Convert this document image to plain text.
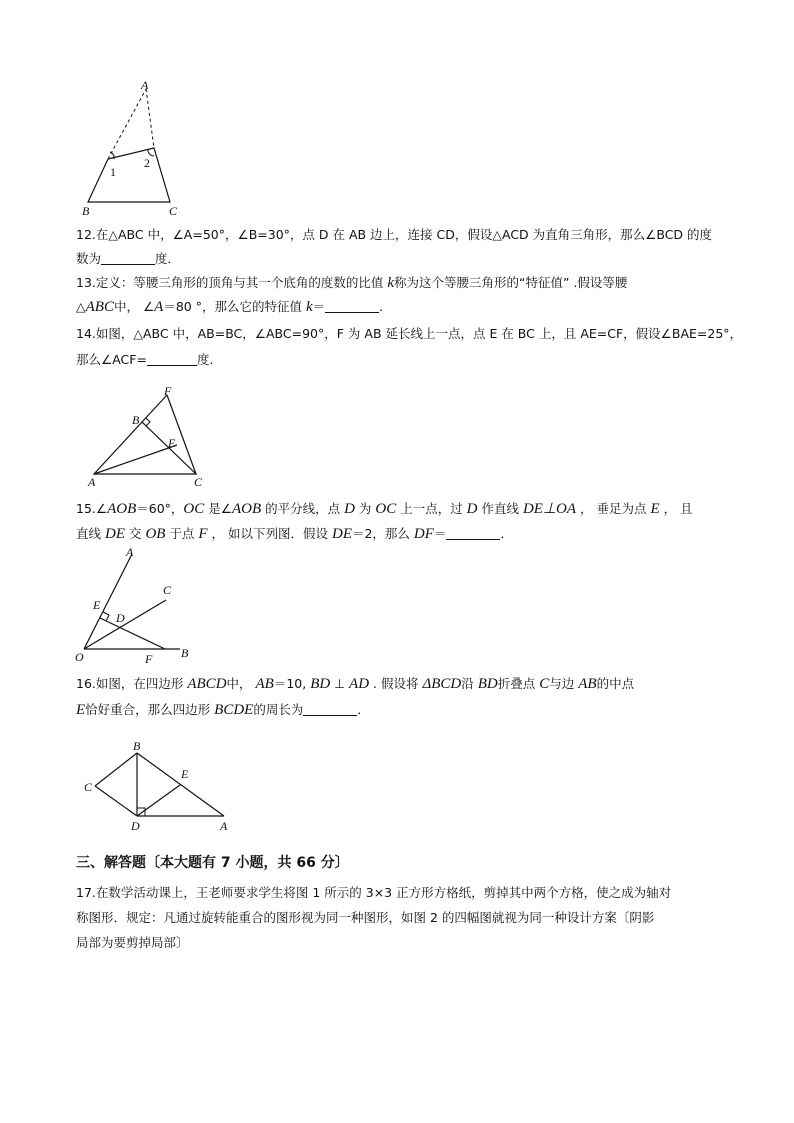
A
B	C
1
2
12.在△ABC 中，∠A=50°，∠B=30°，点 D 在 AB 边上，连接 CD，假设△ACD 为直角三角形，那么∠BCD 的度
数为	度．
13.定义：等腰三角形的顶角与其一个底角的度数的比值 k称为这个等腰三角形的“特征值” .假设等腰
△ABC中， ∠A＝80 °，那么它的特征值 k＝	.
14.如图，△ABC 中，AB=BC，∠ABC=90°，F 为 AB 延长线上一点，点 E 在 BC 上，且 AE=CF，假设∠BAE=25°，
那么∠ACF=	度.
A
B
C
E
F
15.∠AOB＝60°，OC 是∠AOB 的平分线，点 D 为 OC 上一点，过 D 作直线 DE⊥OA ， 垂足为点 E ， 且
直线 DE 交 OB 于点 F ， 如以下列图．假设 DE＝2，那么 DF＝	．
A
B
C
D
E
F
O
16.如图，在四边形 ABCD中， AB＝10, BD ⊥ AD . 假设将 ΔBCD沿 BD折叠点 C与边 AB的中点
E恰好重合，那么四边形 BCDE的周长为	．
A
B
C
D
E
三、解答题〔本大题有 7 小题，共 66 分〕
17.在数学活动课上，王老师要求学生将图 1 所示的 3×3 正方形方格纸，剪掉其中两个方格，使之成为轴对
称图形．规定：凡通过旋转能重合的图形视为同一种图形，如图 2 的四幅图就视为同一种设计方案〔阴影
局部为要剪掉局部〕
